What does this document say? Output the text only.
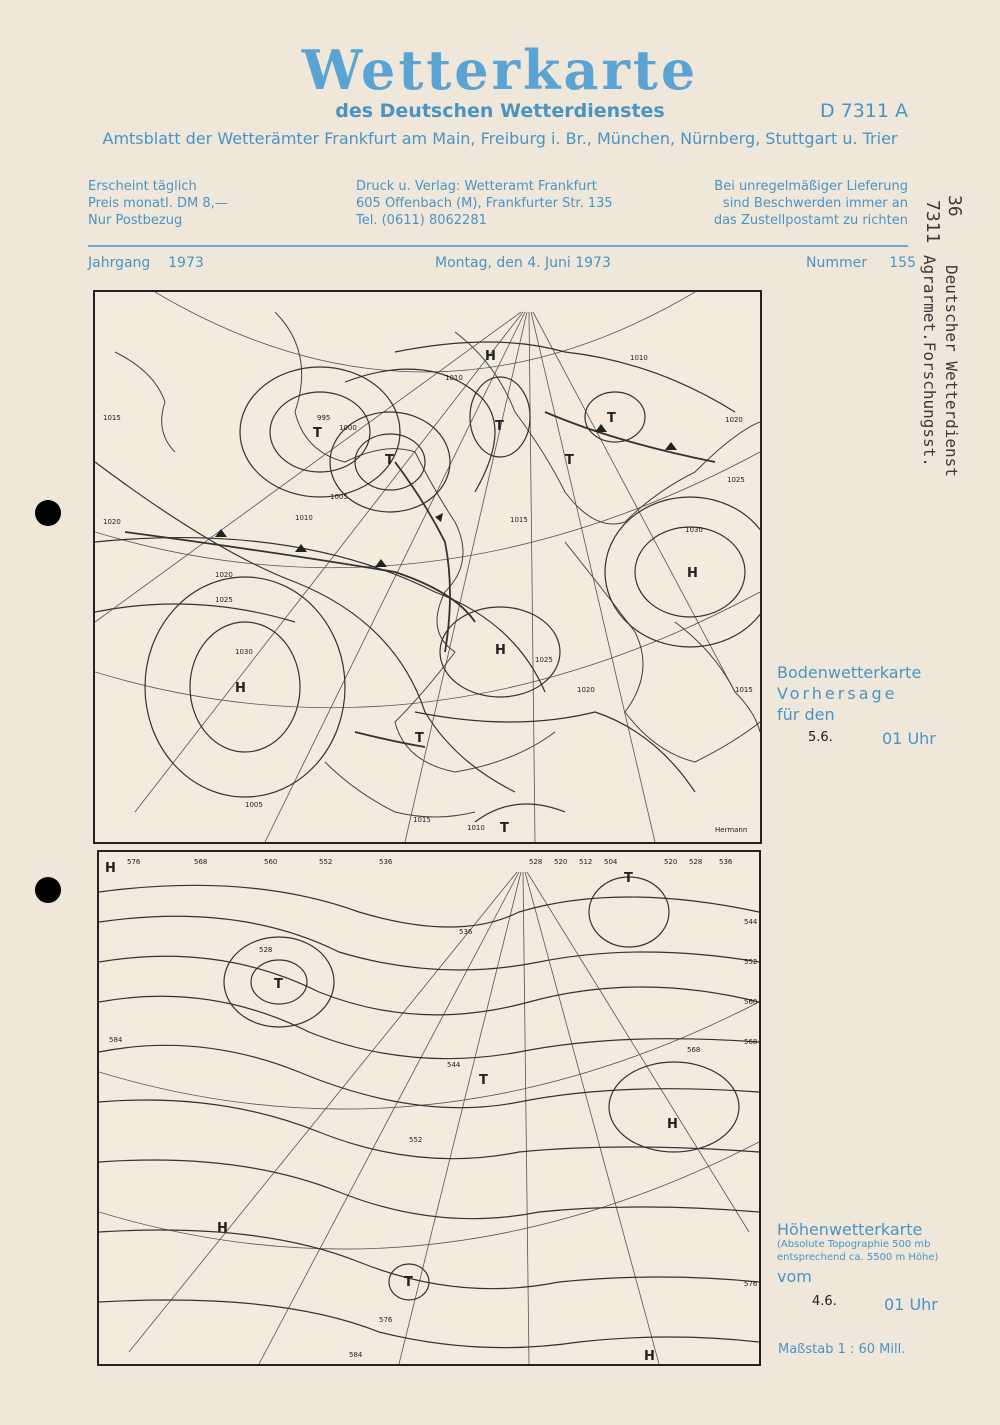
Wetterkarte
des Deutschen Wetterdienstes	D 7311 A
Amtsblatt der Wetterämter Frankfurt am Main, Freiburg i. Br., München, Nürnberg, Stuttgart u. Trier
Erscheint täglich
Preis monatl. DM 8,—
Nur Postbezug
Druck u. Verlag: Wetteramt Frankfurt
605 Offenbach (M), Frankfurter Str. 135
Tel. (0611) 8062281
Bei unregelmäßiger Lieferung
sind Beschwerden immer an
das Zustellpostamt zu richten
Jahrgang 1973	Montag, den 4. Juni 1973	Nummer 155
1015
1020
1010
995
1000
1005
1010	1015
1020
1025
1030
1030
1025
1020
1010
1015
1010
1005
1020
1025
1015
T
T
T
T
H
H
H
T
T
H
T
Hermann
Bodenwetterkarte
Vorhersage
für den
5.6.	01 Uhr
576	568	560	552	536	528 520 512 504	520 528 536
544
552
560
568
576
584
528
536
544
552
568
576
584
H
T
T
H
T
H
T
H
Höhenwetterkarte
(Absolute Topographie 500 mb
entsprechend ca. 5500 m Höhe)
vom
4.6.	01 Uhr
Maßstab 1 : 60 Mill.
36
7311
Deutscher Wetterdienst
Agrarmet.Forschungsst.
